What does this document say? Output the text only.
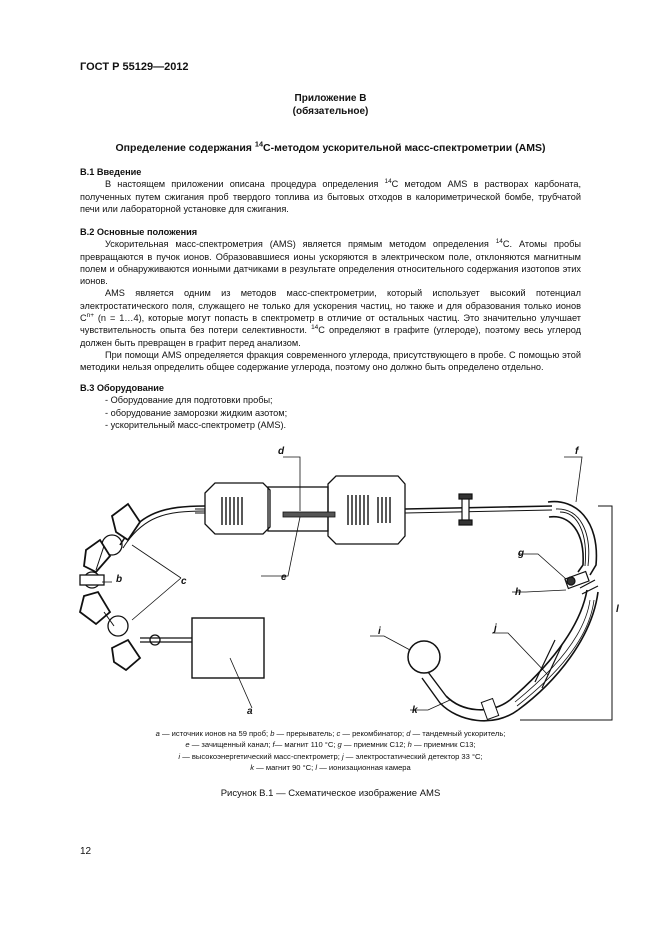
ГОСТ Р 55129—2012
Приложение В
(обязательное)
Определение содержания $^{14}$С-методом ускорительной масс-спектрометрии (AMS)

В.1 Введение

В настоящем приложении описана процедура определения $^{14}$С методом AMS в растворах карбоната, полученных путем сжигания проб твердого топлива из бытовых отходов в калориметрической бомбе, трубчатой печи или лабораторной установке для сжигания.

В.2 Основные положения

Ускорительная масс-спектрометрия (AMS) является прямым методом определения $^{14}$С. Атомы пробы превращаются в пучок ионов. Образовавшиеся ионы ускоряются в электрическом поле, отклоняются магнитным полем и обнаруживаются ионными датчиками в результате определения относительного содержания изотопов этих ионов.

AMS является одним из методов масс-спектрометрии, который использует высокий потенциал электростатического поля, служащего не только для ускорения частиц, но также и для образования только ионов $C^{n+}$ (n = 1…4), которые могут попасть в спектрометр в отличие от остальных частиц. Это значительно улучшает чувствительность опыта без потери селективности. $^{14}$С определяют в графите (углероде), поэтому весь углерод должен быть превращен в графит перед анализом.

При помощи AMS определяется фракция современного углерода, присутствующего в пробе. С помощью этой методики нельзя определить общее содержание углерода, поэтому оно должно быть определено отдельно.

В.3 Оборудование

- Оборудование для подготовки пробы;

- оборудование заморозки жидким азотом;

- ускорительный масс-спектрометр (AMS).

d
e
c
b
a
f
g
h
i	j
k
l
a — источник ионов на 59 проб; b — прерыватель; c — рекомбинатор; d — тандемный ускоритель;
e — зачищенный канал; f— магнит 110 °С; g — приемник С12; h — приемник С13;
i — высокоэнергетический масс-спектрометр; j — электростатический детектор 33 °С;
k — магнит 90 °С; l — ионизационная камера
Рисунок В.1 — Схематическое изображение AMS
12
